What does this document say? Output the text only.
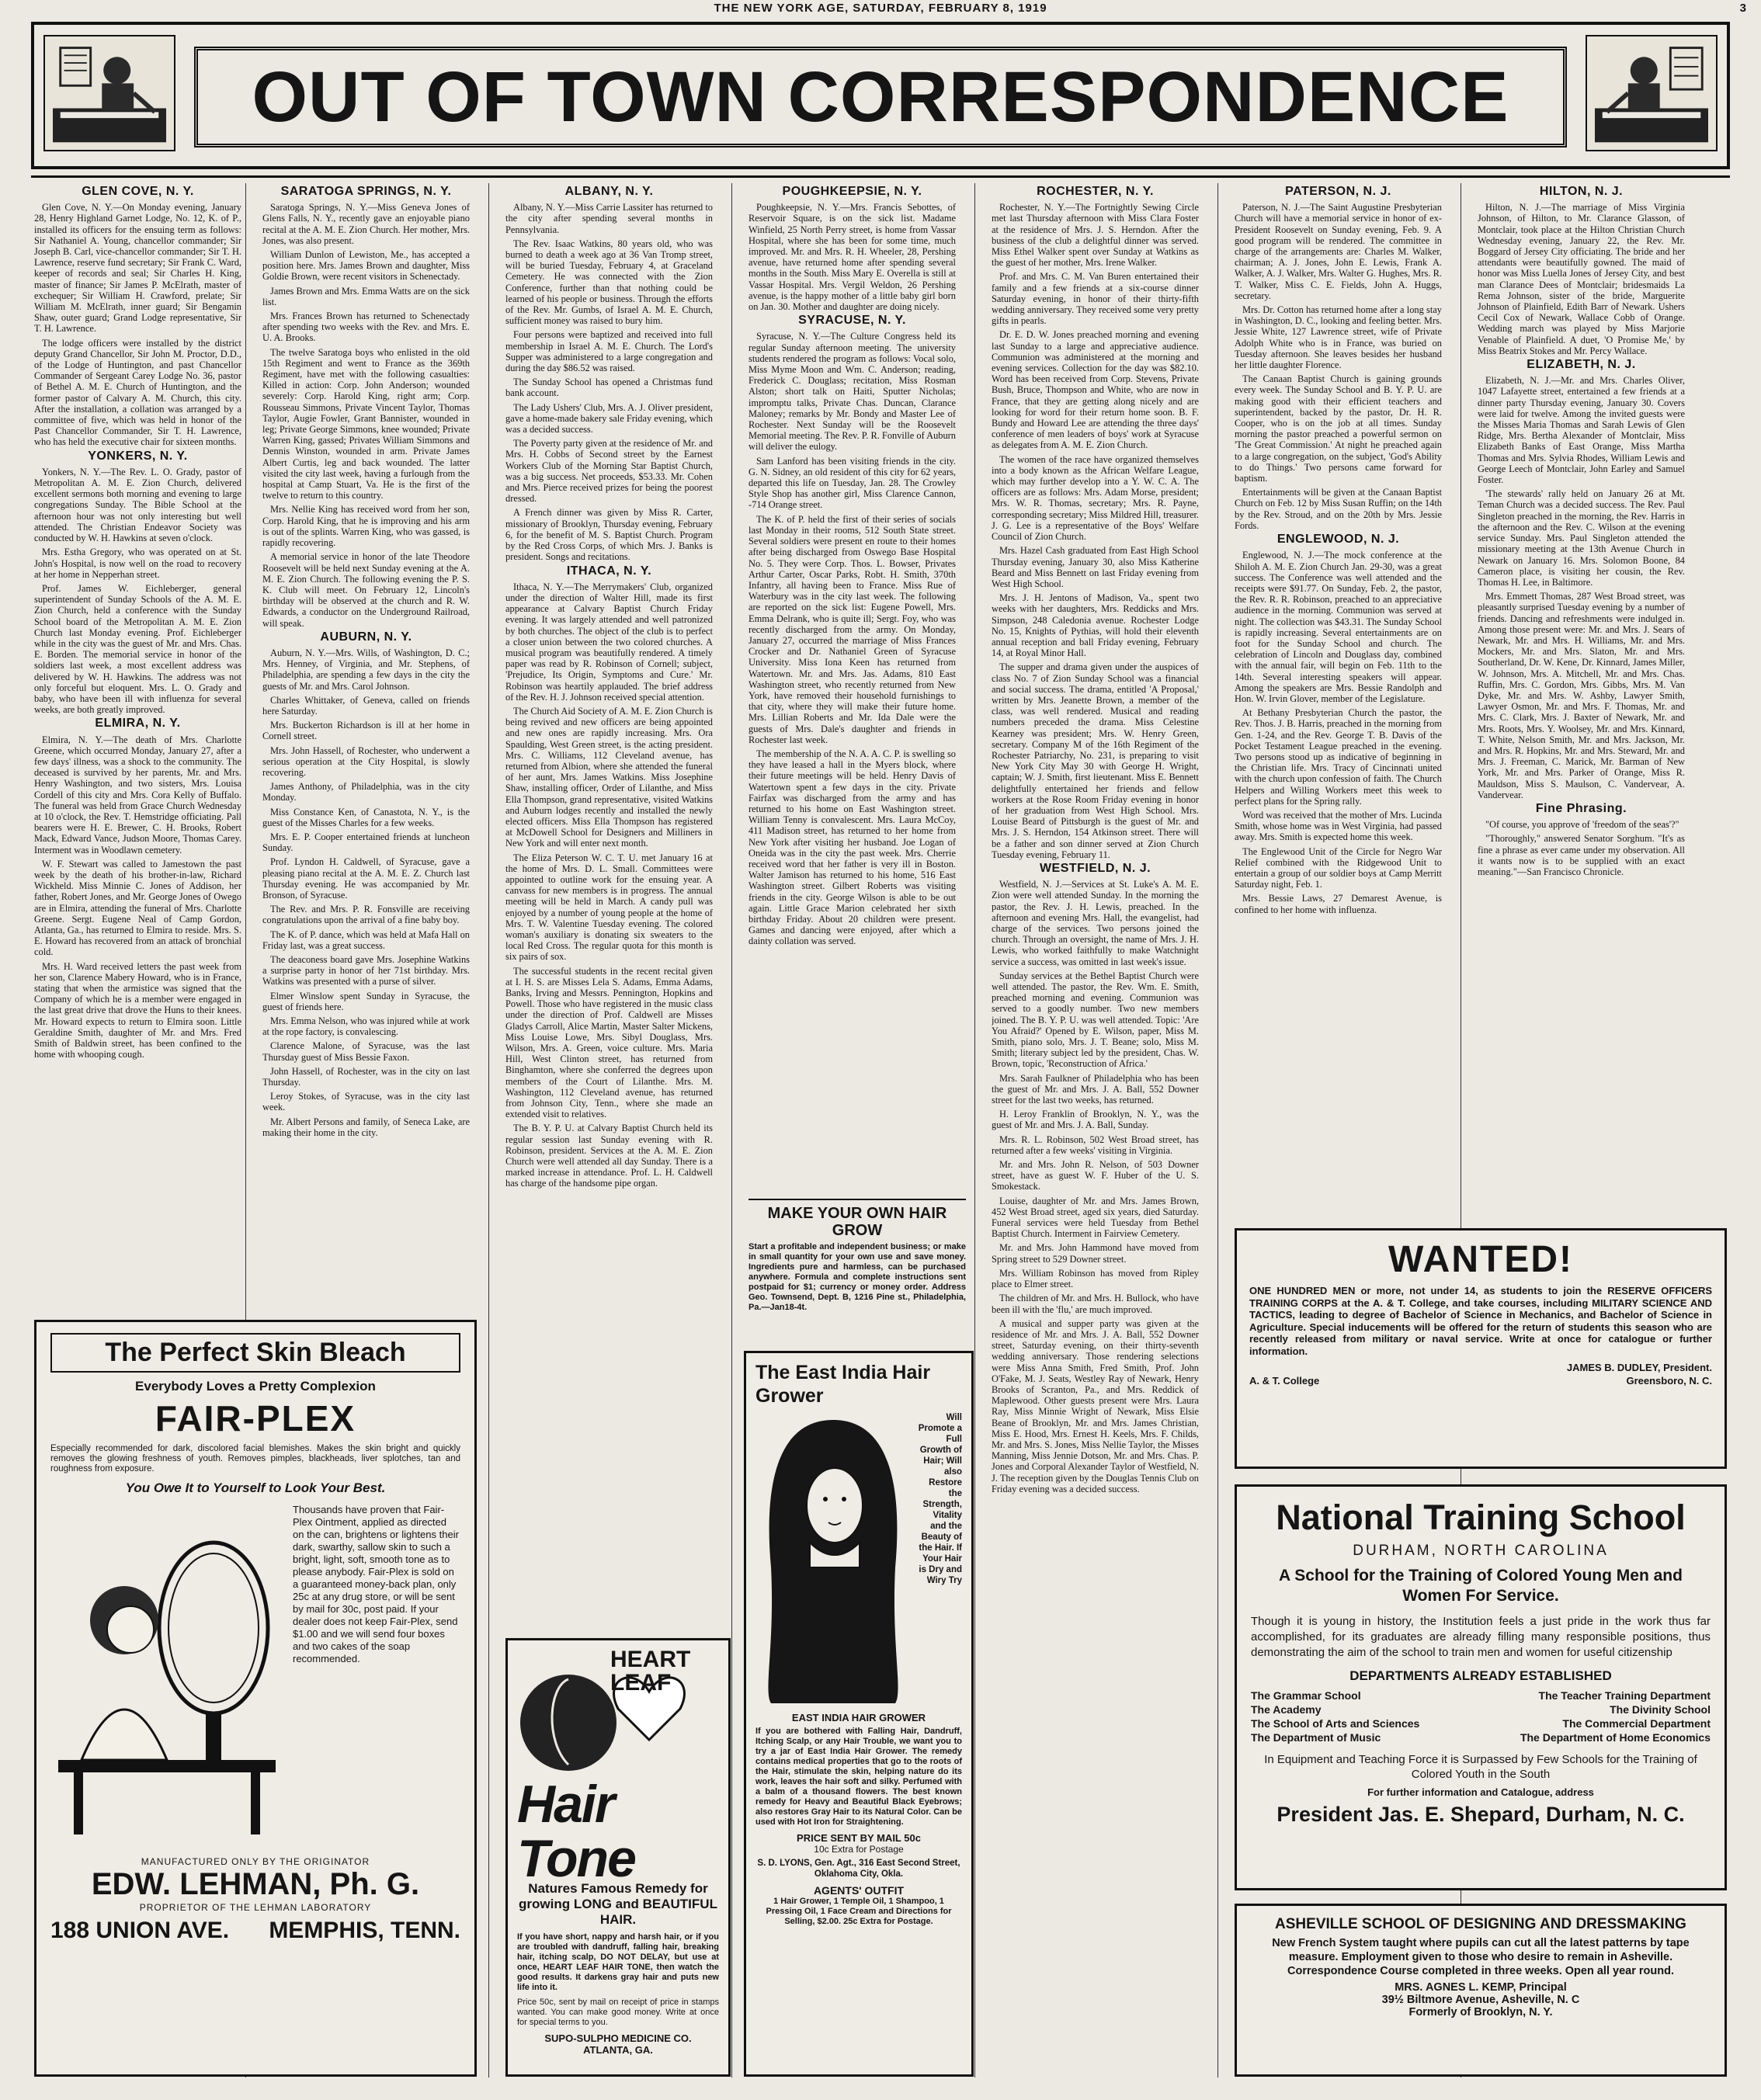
THE NEW YORK AGE, SATURDAY, FEBRUARY 8, 1919	3
OUT OF TOWN CORRESPONDENCE
GLEN COVE, N. Y.

Glen Cove, N. Y.—On Monday evening, January 28, Henry Highland Garnet Lodge, No. 12, K. of P., installed its officers for the ensuing term as follows: Sir Nathaniel A. Young, chancellor commander; Sir Joseph B. Carl, vice-chancellor commander; Sir T. H. Lawrence, reserve fund secretary; Sir Frank C. Ward, keeper of records and seal; Sir Charles H. King, master of finance; Sir James P. McElrath, master of exchequer; Sir William H. Crawford, prelate; Sir William M. McElrath, inner guard; Sir Bengamin Shaw, outer guard; Grand Lodge representative, Sir T. H. Lawrence.

The lodge officers were installed by the district deputy Grand Chancellor, Sir John M. Proctor, D.D., of the Lodge of Huntington, and past Chancellor Commander of Sergeant Carey Lodge No. 36, pastor of Bethel A. M. E. Church of Huntington, and the former pastor of Calvary A. M. Church, this city. After the installation, a collation was arranged by a committee of five, which was held in honor of the Past Chancellor Commander, Sir T. H. Lawrence, who has held the executive chair for sixteen months.

YONKERS, N. Y.

Yonkers, N. Y.—The Rev. L. O. Grady, pastor of Metropolitan A. M. E. Zion Church, delivered excellent sermons both morning and evening to large congregations Sunday. The Bible School at the afternoon hour was not only interesting but well attended. The Christian Endeavor Society was conducted by W. H. Hawkins at seven o'clock.

Mrs. Estha Gregory, who was operated on at St. John's Hospital, is now well on the road to recovery at her home in Nepperhan street.

Prof. James W. Eichleberger, general superintendent of Sunday Schools of the A. M. E. Zion Church, held a conference with the Sunday School board of the Metropolitan A. M. E. Zion Church last Monday evening. Prof. Eichleberger while in the city was the guest of Mr. and Mrs. Chas. E. Borden. The memorial service in honor of the soldiers last week, a most excellent address was delivered by W. H. Hawkins. The address was not only forceful but eloquent. Mrs. L. O. Grady and baby, who have been ill with influenza for several weeks, are both greatly improved.

ELMIRA, N. Y.

Elmira, N. Y.—The death of Mrs. Charlotte Greene, which occurred Monday, January 27, after a few days' illness, was a shock to the community. The deceased is survived by her parents, Mr. and Mrs. Henry Washington, and two sisters, Mrs. Louisa Cordell of this city and Mrs. Cora Kelly of Buffalo. The funeral was held from Grace Church Wednesday at 10 o'clock, the Rev. T. Hemstridge officiating. Pall bearers were H. E. Brewer, C. H. Brooks, Robert Mack, Edward Vance, Judson Moore, Thomas Carey. Interment was in Woodlawn cemetery.

W. F. Stewart was called to Jamestown the past week by the death of his brother-in-law, Richard Wickheld. Miss Minnie C. Jones of Addison, her father, Robert Jones, and Mr. George Jones of Owego are in Elmira, attending the funeral of Mrs. Charlotte Greene. Sergt. Eugene Neal of Camp Gordon, Atlanta, Ga., has returned to Elmira to reside. Mrs. S. E. Howard has recovered from an attack of bronchial cold.

Mrs. H. Ward received letters the past week from her son, Clarence Mabery Howard, who is in France, stating that when the armistice was signed that the Company of which he is a member were engaged in the last great drive that drove the Huns to their knees. Mr. Howard expects to return to Elmira soon. Little Geraldine Smith, daughter of Mr. and Mrs. Fred Smith of Baldwin street, has been confined to the home with whooping cough.

SARATOGA SPRINGS, N. Y.

Saratoga Springs, N. Y.—Miss Geneva Jones of Glens Falls, N. Y., recently gave an enjoyable piano recital at the A. M. E. Zion Church. Her mother, Mrs. Jones, was also present.

William Dunlon of Lewiston, Me., has accepted a position here. Mrs. James Brown and daughter, Miss Goldie Brown, were recent visitors in Schenectady.

James Brown and Mrs. Emma Watts are on the sick list.

Mrs. Frances Brown has returned to Schenectady after spending two weeks with the Rev. and Mrs. E. U. A. Brooks.

The twelve Saratoga boys who enlisted in the old 15th Regiment and went to France as the 369th Regiment, have met with the following casualties: Killed in action: Corp. John Anderson; wounded severely: Corp. Harold King, right arm; Corp. Rousseau Simmons, Private Vincent Taylor, Thomas Taylor, Augie Fowler, Grant Bannister, wounded in leg; Private George Simmons, knee wounded; Private Warren King, gassed; Privates William Simmons and Dennis Winston, wounded in arm. Private James Albert Curtis, leg and back wounded. The latter visited the city last week, having a furlough from the hospital at Camp Stuart, Va. He is the first of the twelve to return to this country.

Mrs. Nellie King has received word from her son, Corp. Harold King, that he is improving and his arm is out of the splints. Warren King, who was gassed, is rapidly recovering.

A memorial service in honor of the late Theodore Roosevelt will be held next Sunday evening at the A. M. E. Zion Church. The following evening the P. S. K. Club will meet. On February 12, Lincoln's birthday will be observed at the church and R. W. Edwards, a conductor on the Underground Railroad, will speak.

AUBURN, N. Y.

Auburn, N. Y.—Mrs. Wills, of Washington, D. C.; Mrs. Henney, of Virginia, and Mr. Stephens, of Philadelphia, are spending a few days in the city the guests of Mr. and Mrs. Carol Johnson.

Charles Whittaker, of Geneva, called on friends here Saturday.

Mrs. Buckerton Richardson is ill at her home in Cornell street.

Mrs. John Hassell, of Rochester, who underwent a serious operation at the City Hospital, is slowly recovering.

James Anthony, of Philadelphia, was in the city Monday.

Miss Constance Ken, of Canastota, N. Y., is the guest of the Misses Charles for a few weeks.

Mrs. E. P. Cooper entertained friends at luncheon Sunday.

Prof. Lyndon H. Caldwell, of Syracuse, gave a pleasing piano recital at the A. M. E. Z. Church last Thursday evening. He was accompanied by Mr. Bronson, of Syracuse.

The Rev. and Mrs. P. R. Fonsville are receiving congratulations upon the arrival of a fine baby boy.

The K. of P. dance, which was held at Mafa Hall on Friday last, was a great success.

The deaconess board gave Mrs. Josephine Watkins a surprise party in honor of her 71st birthday. Mrs. Watkins was presented with a purse of silver.

Elmer Winslow spent Sunday in Syracuse, the guest of friends here.

Mrs. Emma Nelson, who was injured while at work at the rope factory, is convalescing.

Clarence Malone, of Syracuse, was the last Thursday guest of Miss Bessie Faxon.

John Hassell, of Rochester, was in the city on last Thursday.

Leroy Stokes, of Syracuse, was in the city last week.

Mr. Albert Persons and family, of Seneca Lake, are making their home in the city.

ALBANY, N. Y.

Albany, N. Y.—Miss Carrie Lassiter has returned to the city after spending several months in Pennsylvania.

The Rev. Isaac Watkins, 80 years old, who was burned to death a week ago at 36 Van Tromp street, will be buried Tuesday, February 4, at Graceland Cemetery. He was connected with the Zion Conference, further than that nothing could be learned of his people or business. Through the efforts of the Rev. Mr. Gumbs, of Israel A. M. E. Church, sufficient money was raised to bury him.

Four persons were baptized and received into full membership in Israel A. M. E. Church. The Lord's Supper was administered to a large congregation and during the day $86.52 was raised.

The Sunday School has opened a Christmas fund bank account.

The Lady Ushers' Club, Mrs. A. J. Oliver president, gave a home-made bakery sale Friday evening, which was a decided success.

The Poverty party given at the residence of Mr. and Mrs. H. Cobbs of Second street by the Earnest Workers Club of the Morning Star Baptist Church, was a big success. Net proceeds, $53.33. Mr. Cohen and Mrs. Pierce received prizes for being the poorest dressed.

A French dinner was given by Miss R. Carter, missionary of Brooklyn, Thursday evening, February 6, for the benefit of M. S. Baptist Church. Program by the Red Cross Corps, of which Mrs. J. Banks is president. Songs and recitations.

ITHACA, N. Y.

Ithaca, N. Y.—The Merrymakers' Club, organized under the direction of Walter Hill, made its first appearance at Calvary Baptist Church Friday evening. It was largely attended and well patronized by both churches. The object of the club is to perfect a closer union between the two colored churches. A musical program was beautifully rendered. A timely paper was read by R. Robinson of Cornell; subject, 'Prejudice, Its Origin, Symptoms and Cure.' Mr. Robinson was heartily applauded. The brief address of the Rev. H. J. Johnson received special attention.

The Church Aid Society of A. M. E. Zion Church is being revived and new officers are being appointed and new ones are rapidly increasing. Mrs. Ora Spaulding, West Green street, is the acting president. Mrs. C. Williams, 112 Cleveland avenue, has returned from Albion, where she attended the funeral of her aunt, Mrs. James Watkins. Miss Josephine Shaw, installing officer, Order of Lilanthe, and Miss Ella Thompson, grand representative, visited Watkins and Auburn lodges recently and installed the newly elected officers. Miss Ella Thompson has registered at McDowell School for Designers and Milliners in New York and will enter next month.

The Eliza Peterson W. C. T. U. met January 16 at the home of Mrs. D. L. Small. Committees were appointed to outline work for the ensuing year. A canvass for new members is in progress. The annual meeting will be held in March. A candy pull was enjoyed by a number of young people at the home of Mrs. T. W. Valentine Tuesday evening. The colored woman's auxiliary is donating six sweaters to the local Red Cross. The regular quota for this month is six pairs of sox.

The successful students in the recent recital given at I. H. S. are Misses Lela S. Adams, Emma Adams, Banks, Irving and Messrs. Pennington, Hopkins and Powell. Those who have registered in the music class under the direction of Prof. Caldwell are Misses Gladys Carroll, Alice Martin, Master Salter Mickens, Miss Louise Lowe, Mrs. Sibyl Douglass, Mrs. Wilson, Mrs. A. Green, voice culture. Mrs. Maria Hill, West Clinton street, has returned from Binghamton, where she conferred the degrees upon members of the Court of Lilanthe. Mrs. M. Washington, 112 Cleveland avenue, has returned from Johnson City, Tenn., where she made an extended visit to relatives.

The B. Y. P. U. at Calvary Baptist Church held its regular session last Sunday evening with R. Robinson, president. Services at the A. M. E. Zion Church were well attended all day Sunday. There is a marked increase in attendance. Prof. L. H. Caldwell has charge of the handsome pipe organ.

POUGHKEEPSIE, N. Y.

Poughkeepsie, N. Y.—Mrs. Francis Sebottes, of Reservoir Square, is on the sick list. Madame Winfield, 25 North Perry street, is home from Vassar Hospital, where she has been for some time, much improved. Mr. and Mrs. R. H. Wheeler, 28, Pershing avenue, have returned home after spending several months in the South. Miss Mary E. Overella is still at Vassar Hospital. Mrs. Vergil Weldon, 26 Pershing avenue, is the happy mother of a little baby girl born on Jan. 30. Mother and daughter are doing nicely.

SYRACUSE, N. Y.

Syracuse, N. Y.—The Culture Congress held its regular Sunday afternoon meeting. The university students rendered the program as follows: Vocal solo, Miss Myme Moon and Wm. C. Anderson; reading, Frederick C. Douglass; recitation, Miss Rosman Alston; short talk on Haiti, Sputter Nicholas; impromptu talks, Private Chas. Duncan, Clarance Maloney; remarks by Mr. Bondy and Master Lee of Rochester. Next Sunday will be the Roosevelt Memorial meeting. The Rev. P. R. Fonville of Auburn will deliver the eulogy.

Sam Lanford has been visiting friends in the city. G. N. Sidney, an old resident of this city for 62 years, departed this life on Tuesday, Jan. 28. The Crowley Style Shop has another girl, Miss Clarence Cannon, -714 Orange street.

The K. of P. held the first of their series of socials last Monday in their rooms, 512 South State street. Several soldiers were present en route to their homes after being discharged from Oswego Base Hospital No. 5. They were Corp. Thos. L. Bowser, Privates Arthur Carter, Oscar Parks, Robt. H. Smith, 370th Infantry, all having been to France. Miss Rue of Waterbury was in the city last week. The following are reported on the sick list: Eugene Powell, Mrs. Emma Delrank, who is quite ill; Sergt. Foy, who was recently discharged from the army. On Monday, January 27, occurred the marriage of Miss Frances Crocker and Dr. Nathaniel Green of Syracuse University. Miss Iona Keen has returned from Watertown. Mr. and Mrs. Jas. Adams, 810 East Washington street, who recently returned from New York, have removed their household furnishings to that city, where they will make their future home. Mrs. Lillian Roberts and Mr. Ida Dale were the guests of Mrs. Dale's daughter and friends in Rochester last week.

The membership of the N. A. A. C. P. is swelling so they have leased a hall in the Myers block, where their future meetings will be held. Henry Davis of Watertown spent a few days in the city. Private Fairfax was discharged from the army and has returned to his home on East Washington street. William Tenny is convalescent. Mrs. Laura McCoy, 411 Madison street, has returned to her home from New York after visiting her husband. Joe Logan of Oneida was in the city the past week. Mrs. Cherrie received word that her father is very ill in Boston. Walter Jamison has returned to his home, 516 East Washington street. Gilbert Roberts was visiting friends in the city. George Wilson is able to be out again. Little Grace Marion celebrated her sixth birthday Friday. About 20 children were present. Games and dancing were enjoyed, after which a dainty collation was served.

ROCHESTER, N. Y.

Rochester, N. Y.—The Fortnightly Sewing Circle met last Thursday afternoon with Miss Clara Foster at the residence of Mrs. J. S. Herndon. After the business of the club a delightful dinner was served. Miss Ethel Walker spent over Sunday at Watkins as the guest of her mother, Mrs. Irene Walker.

Prof. and Mrs. C. M. Van Buren entertained their family and a few friends at a six-course dinner Saturday evening, in honor of their thirty-fifth wedding anniversary. They received some very pretty gifts in pearls.

Dr. E. D. W. Jones preached morning and evening last Sunday to a large and appreciative audience. Communion was administered at the morning and evening services. Collection for the day was $82.10. Word has been received from Corp. Stevens, Private Bush, Bruce, Thompson and White, who are now in France, that they are getting along nicely and are looking for word for their return home soon. B. F. Bundy and Howard Lee are attending the three days' conference of men leaders of boys' work at Syracuse as delegates from A. M. E. Zion Church.

The women of the race have organized themselves into a body known as the African Welfare League, which may further develop into a Y. W. C. A. The officers are as follows: Mrs. Adam Morse, president; Mrs. W. R. Thomas, secretary; Mrs. R. Payne, corresponding secretary; Miss Mildred Hill, treasurer. J. G. Lee is a representative of the Boys' Welfare Council of Zion Church.

Mrs. Hazel Cash graduated from East High School Thursday evening, January 30, also Miss Katherine Beard and Miss Bennett on last Friday evening from West High School.

Mrs. J. H. Jentons of Madison, Va., spent two weeks with her daughters, Mrs. Reddicks and Mrs. Simpson, 248 Caledonia avenue. Rochester Lodge No. 15, Knights of Pythias, will hold their eleventh annual reception and ball Friday evening, February 14, at Royal Minor Hall.

The supper and drama given under the auspices of class No. 7 of Zion Sunday School was a financial and social success. The drama, entitled 'A Proposal,' written by Mrs. Jeanette Brown, a member of the class, was well rendered. Musical and reading numbers preceded the drama. Miss Celestine Kearney was president; Mrs. W. Henry Green, secretary. Company M of the 16th Regiment of the Rochester Patriarchy, No. 231, is preparing to visit New York City May 30 with George H. Wright, captain; W. J. Smith, first lieutenant. Miss E. Bennett delightfully entertained her friends and fellow workers at the Rose Room Friday evening in honor of her graduation from West High School. Mrs. Louise Beard of Pittsburgh is the guest of Mr. and Mrs. J. S. Herndon, 154 Atkinson street. There will be a father and son dinner served at Zion Church Tuesday evening, February 11.

WESTFIELD, N. J.

Westfield, N. J.—Services at St. Luke's A. M. E. Zion were well attended Sunday. In the morning the pastor, the Rev. J. H. Lewis, preached. In the afternoon and evening Mrs. Hall, the evangelist, had charge of the services. Two persons joined the church. Through an oversight, the name of Mrs. J. H. Lewis, who worked faithfully to make Watchnight service a success, was omitted in last week's issue.

Sunday services at the Bethel Baptist Church were well attended. The pastor, the Rev. Wm. E. Smith, preached morning and evening. Communion was served to a goodly number. Two new members joined. The B. Y. P. U. was well attended. Topic: 'Are You Afraid?' Opened by E. Wilson, paper, Miss M. Smith, piano solo, Mrs. J. T. Beane; solo, Miss M. Smith; literary subject led by the president, Chas. W. Brown, topic, 'Reconstruction of Africa.'

Mrs. Sarah Faulkner of Philadelphia who has been the guest of Mr. and Mrs. J. A. Ball, 552 Downer street for the last two weeks, has returned.

H. Leroy Franklin of Brooklyn, N. Y., was the guest of Mr. and Mrs. J. A. Ball, Sunday.

Mrs. R. L. Robinson, 502 West Broad street, has returned after a few weeks' visiting in Virginia.

Mr. and Mrs. John R. Nelson, of 503 Downer street, have as guest W. F. Huber of the U. S. Smokestack.

Louise, daughter of Mr. and Mrs. James Brown, 452 West Broad street, aged six years, died Saturday. Funeral services were held Tuesday from Bethel Baptist Church. Interment in Fairview Cemetery.

Mr. and Mrs. John Hammond have moved from Spring street to 529 Downer street.

Mrs. William Robinson has moved from Ripley place to Elmer street.

The children of Mr. and Mrs. H. Bullock, who have been ill with the 'flu,' are much improved.

A musical and supper party was given at the residence of Mr. and Mrs. J. A. Ball, 552 Downer street, Saturday evening, on their thirty-seventh wedding anniversary. Those rendering selections were Miss Anna Smith, Fred Smith, Prof. John O'Fake, M. J. Seats, Westley Ray of Newark, Henry Brooks of Scranton, Pa., and Mrs. Reddick of Maplewood. Other guests present were Mrs. Laura Ray, Miss Minnie Wright of Newark, Miss Elsie Beane of Brooklyn, Mr. and Mrs. James Christian, Miss E. Hood, Mrs. Ernest H. Keels, Mrs. F. Childs, Mr. and Mrs. S. Jones, Miss Nellie Taylor, the Misses Manning, Miss Jennie Dotson, Mr. and Mrs. Chas. P. Jones and Corporal Alexander Taylor of Westfield, N. J. The reception given by the Douglas Tennis Club on Friday evening was a decided success.

PATERSON, N. J.

Paterson, N. J.—The Saint Augustine Presbyterian Church will have a memorial service in honor of ex-President Roosevelt on Sunday evening, Feb. 9. A good program will be rendered. The committee in charge of the arrangements are: Charles M. Walker, chairman; A. J. Jones, John E. Lewis, Frank A. Walker, A. J. Walker, Mrs. Walter G. Hughes, Mrs. R. T. Walker, Miss C. E. Fields, John A. Huggs, secretary.

Mrs. Dr. Cotton has returned home after a long stay in Washington, D. C., looking and feeling better. Mrs. Jessie White, 127 Lawrence street, wife of Private Adolph White who is in France, was buried on Tuesday afternoon. She leaves besides her husband her little daughter Florence.

The Canaan Baptist Church is gaining grounds every week. The Sunday School and B. Y. P. U. are making good with their efficient teachers and superintendent, backed by the pastor, Dr. H. R. Cooper, who is on the job at all times. Sunday morning the pastor preached a powerful sermon on 'The Great Commission.' At night he preached again to a large congregation, on the subject, 'God's Ability to do Things.' Two persons came forward for baptism.

Entertainments will be given at the Canaan Baptist Church on Feb. 12 by Miss Susan Ruffin; on the 14th by the Rev. Stroud, and on the 20th by Mrs. Jessie Fords.

ENGLEWOOD, N. J.

Englewood, N. J.—The mock conference at the Shiloh A. M. E. Zion Church Jan. 29-30, was a great success. The Conference was well attended and the receipts were $91.77. On Sunday, Feb. 2, the pastor, the Rev. R. R. Robinson, preached to an appreciative audience in the morning. Communion was served at night. The collection was $43.31. The Sunday School is rapidly increasing. Several entertainments are on foot for the Sunday School and church. The celebration of Lincoln and Douglass day, combined with the annual fair, will begin on Feb. 11th to the 14th. Several interesting speakers will appear. Among the speakers are Mrs. Bessie Randolph and Hon. W. Irvin Glover, member of the Legislature.

At Bethany Presbyterian Church the pastor, the Rev. Thos. J. B. Harris, preached in the morning from Gen. 1-24, and the Rev. George T. B. Davis of the Pocket Testament League preached in the evening. Two persons stood up as indicative of beginning in the Christian life. Mrs. Tracy of Cincinnati united with the church upon confession of faith. The Church Helpers and Willing Workers meet this week to perfect plans for the Spring rally.

Word was received that the mother of Mrs. Lucinda Smith, whose home was in West Virginia, had passed away. Mrs. Smith is expected home this week.

The Englewood Unit of the Circle for Negro War Relief combined with the Ridgewood Unit to entertain a group of our soldier boys at Camp Merritt Saturday night, Feb. 1.

Mrs. Bessie Laws, 27 Demarest Avenue, is confined to her home with influenza.

HILTON, N. J.

Hilton, N. J.—The marriage of Miss Virginia Johnson, of Hilton, to Mr. Clarance Glasson, of Montclair, took place at the Hilton Christian Church Wednesday evening, January 22, the Rev. Mr. Boggard of Jersey City officiating. The bride and her attendants were beautifully gowned. The maid of honor was Miss Luella Jones of Jersey City, and best man Clarance Dees of Montclair; bridesmaids La Rema Johnson, sister of the bride, Marguerite Johnson of Plainfield, Edith Barr of Newark. Ushers Cecil Cox of Newark, Wallace Cobb of Orange. Wedding march was played by Miss Marjorie Venable of Plainfield. A duet, 'O Promise Me,' by Miss Beatrix Stokes and Mr. Percy Wallace.

ELIZABETH, N. J.

Elizabeth, N. J.—Mr. and Mrs. Charles Oliver, 1047 Lafayette street, entertained a few friends at a dinner party Thursday evening, January 30. Covers were laid for twelve. Among the invited guests were the Misses Maria Thomas and Sarah Lewis of Glen Ridge, Mrs. Bertha Alexander of Montclair, Miss Elizabeth Banks of East Orange, Miss Martha Thomas and Mrs. Sylvia Rhodes, William Lewis and George Leech of Montclair, John Earley and Samuel Foster.

'The stewards' rally held on January 26 at Mt. Teman Church was a decided success. The Rev. Paul Singleton preached in the morning, the Rev. Harris in the afternoon and the Rev. C. Wilson at the evening service Sunday. Mrs. Paul Singleton attended the missionary meeting at the 13th Avenue Church in Newark on January 16. Mrs. Solomon Boone, 84 Cameron place, is visiting her cousin, the Rev. Thomas H. Lee, in Baltimore.

Mrs. Emmett Thomas, 287 West Broad street, was pleasantly surprised Tuesday evening by a number of friends. Dancing and refreshments were indulged in. Among those present were: Mr. and Mrs. J. Sears of Newark, Mr. and Mrs. H. Williams, Mr. and Mrs. Mockers, Mr. and Mrs. Slaton, Mr. and Mrs. Southerland, Dr. W. Kene, Dr. Kinnard, James Miller, W. Johnson, Mrs. A. Mitchell, Mr. and Mrs. Chas. Ruffin, Mrs. C. Gordon, Mrs. Gibbs, Mrs. M. Van Dyke, Mr. and Mrs. W. Ashby, Lawyer Smith, Lawyer Osmon, Mr. and Mrs. F. Thomas, Mr. and Mrs. C. Clark, Mrs. J. Baxter of Newark, Mr. and Mrs. Roots, Mrs. Y. Woolsey, Mr. and Mrs. Kinnard, T. White, Nelson Smith, Mr. and Mrs. Jackson, Mr. and Mrs. R. Hopkins, Mr. and Mrs. Steward, Mr. and Mrs. J. Freeman, C. Marick, Mr. Barman of New York, Mr. and Mrs. Parker of Orange, Miss R. Mauldson, Miss S. Maulson, C. Vandervear, A. Vandervear.

Fine Phrasing.

"Of course, you approve of 'freedom of the seas'?"

"Thoroughly," answered Senator Sorghum. "It's as fine a phrase as ever came under my observation. All it wants now is to be supplied with an exact meaning."—San Francisco Chronicle.

The Perfect Skin Bleach
Everybody Loves a Pretty Complexion
FAIR-PLEX
Especially recommended for dark, discolored facial blemishes. Makes the skin bright and quickly removes the glowing freshness of youth. Removes pimples, blackheads, liver splotches, tan and roughness from exposure.
You Owe It to Yourself to Look Your Best.
Thousands have proven that Fair-Plex Ointment, applied as directed on the can, brightens or lightens their dark, swarthy, sallow skin to such a bright, light, soft, smooth tone as to please anybody. Fair-Plex is sold on a guaranteed money-back plan, only 25c at any drug store, or will be sent by mail for 30c, post paid. If your dealer does not keep Fair-Plex, send $1.00 and we will send four boxes and two cakes of the soap recommended.
MANUFACTURED ONLY BY THE ORIGINATOR
EDW. LEHMAN, Ph. G.
PROPRIETOR OF THE LEHMAN LABORATORY
188 UNION AVE. MEMPHIS, TENN.
HEART LEAF
Hair Tone
Natures Famous Remedy for growing LONG and BEAUTIFUL HAIR.
If you have short, nappy and harsh hair, or if you are troubled with dandruff, falling hair, breaking hair, itching scalp, DO NOT DELAY, but use at once, HEART LEAF HAIR TONE, then watch the good results. It darkens gray hair and puts new life into it.
Price 50c, sent by mail on receipt of price in stamps wanted. You can make good money. Write at once for special terms to you.
SUPO-SULPHO MEDICINE CO.
ATLANTA, GA.
MAKE YOUR OWN HAIR GROW
Start a profitable and independent business; or make in small quantity for your own use and save money. Ingredients pure and harmless, can be purchased anywhere. Formula and complete instructions sent postpaid for $1; currency or money order. Address Geo. Townsend, Dept. B, 1216 Pine st., Philadelphia, Pa.—Jan18-4t.
The East India Hair Grower
Will Promote a Full Growth of Hair; Will also Restore the Strength, Vitality and the Beauty of the Hair. If Your Hair is Dry and Wiry Try
EAST INDIA HAIR GROWER
If you are bothered with Falling Hair, Dandruff, Itching Scalp, or any Hair Trouble, we want you to try a jar of East India Hair Grower. The remedy contains medical properties that go to the roots of the Hair, stimulate the skin, helping nature do its work, leaves the hair soft and silky. Perfumed with a balm of a thousand flowers. The best known remedy for Heavy and Beautiful Black Eyebrows; also restores Gray Hair to its Natural Color. Can be used with Hot Iron for Straightening.
PRICE SENT BY MAIL 50c
10c Extra for Postage
S. D. LYONS, Gen. Agt., 316 East Second Street, Oklahoma City, Okla.
AGENTS' OUTFIT
1 Hair Grower, 1 Temple Oil, 1 Shampoo, 1 Pressing Oil, 1 Face Cream and Directions for Selling, $2.00. 25c Extra for Postage.
WANTED!
ONE HUNDRED MEN or more, not under 14, as students to join the RESERVE OFFICERS TRAINING CORPS at the A. & T. College, and take courses, including MILITARY SCIENCE AND TACTICS, leading to degree of Bachelor of Science in Mechanics, and Bachelor of Science in Agriculture. Special inducements will be offered for the return of students this season who are recently released from military or naval service. Write at once for catalogue or further information.
JAMES B. DUDLEY, President.
A. & T. College	Greensboro, N. C.
National Training School
DURHAM, NORTH CAROLINA
A School for the Training of Colored Young Men and Women For Service.
Though it is young in history, the Institution feels a just pride in the work thus far accomplished, for its graduates are already filling many responsible positions, thus demonstrating the aim of the school to train men and women for useful citizenship
DEPARTMENTS ALREADY ESTABLISHED
The Grammar School	The Teacher Training Department
The Academy	The Divinity School
The School of Arts and Sciences	The Commercial Department
The Department of Music	The Department of Home Economics
In Equipment and Teaching Force it is Surpassed by Few Schools for the Training of Colored Youth in the South
For further information and Catalogue, address
President Jas. E. Shepard, Durham, N. C.
ASHEVILLE SCHOOL OF DESIGNING AND DRESSMAKING
New French System taught where pupils can cut all the latest patterns by tape measure. Employment given to those who desire to remain in Asheville. Correspondence Course completed in three weeks. Open all year round.
MRS. AGNES L. KEMP, Principal
39½ Biltmore Avenue, Asheville, N. C
Formerly of Brooklyn, N. Y.
